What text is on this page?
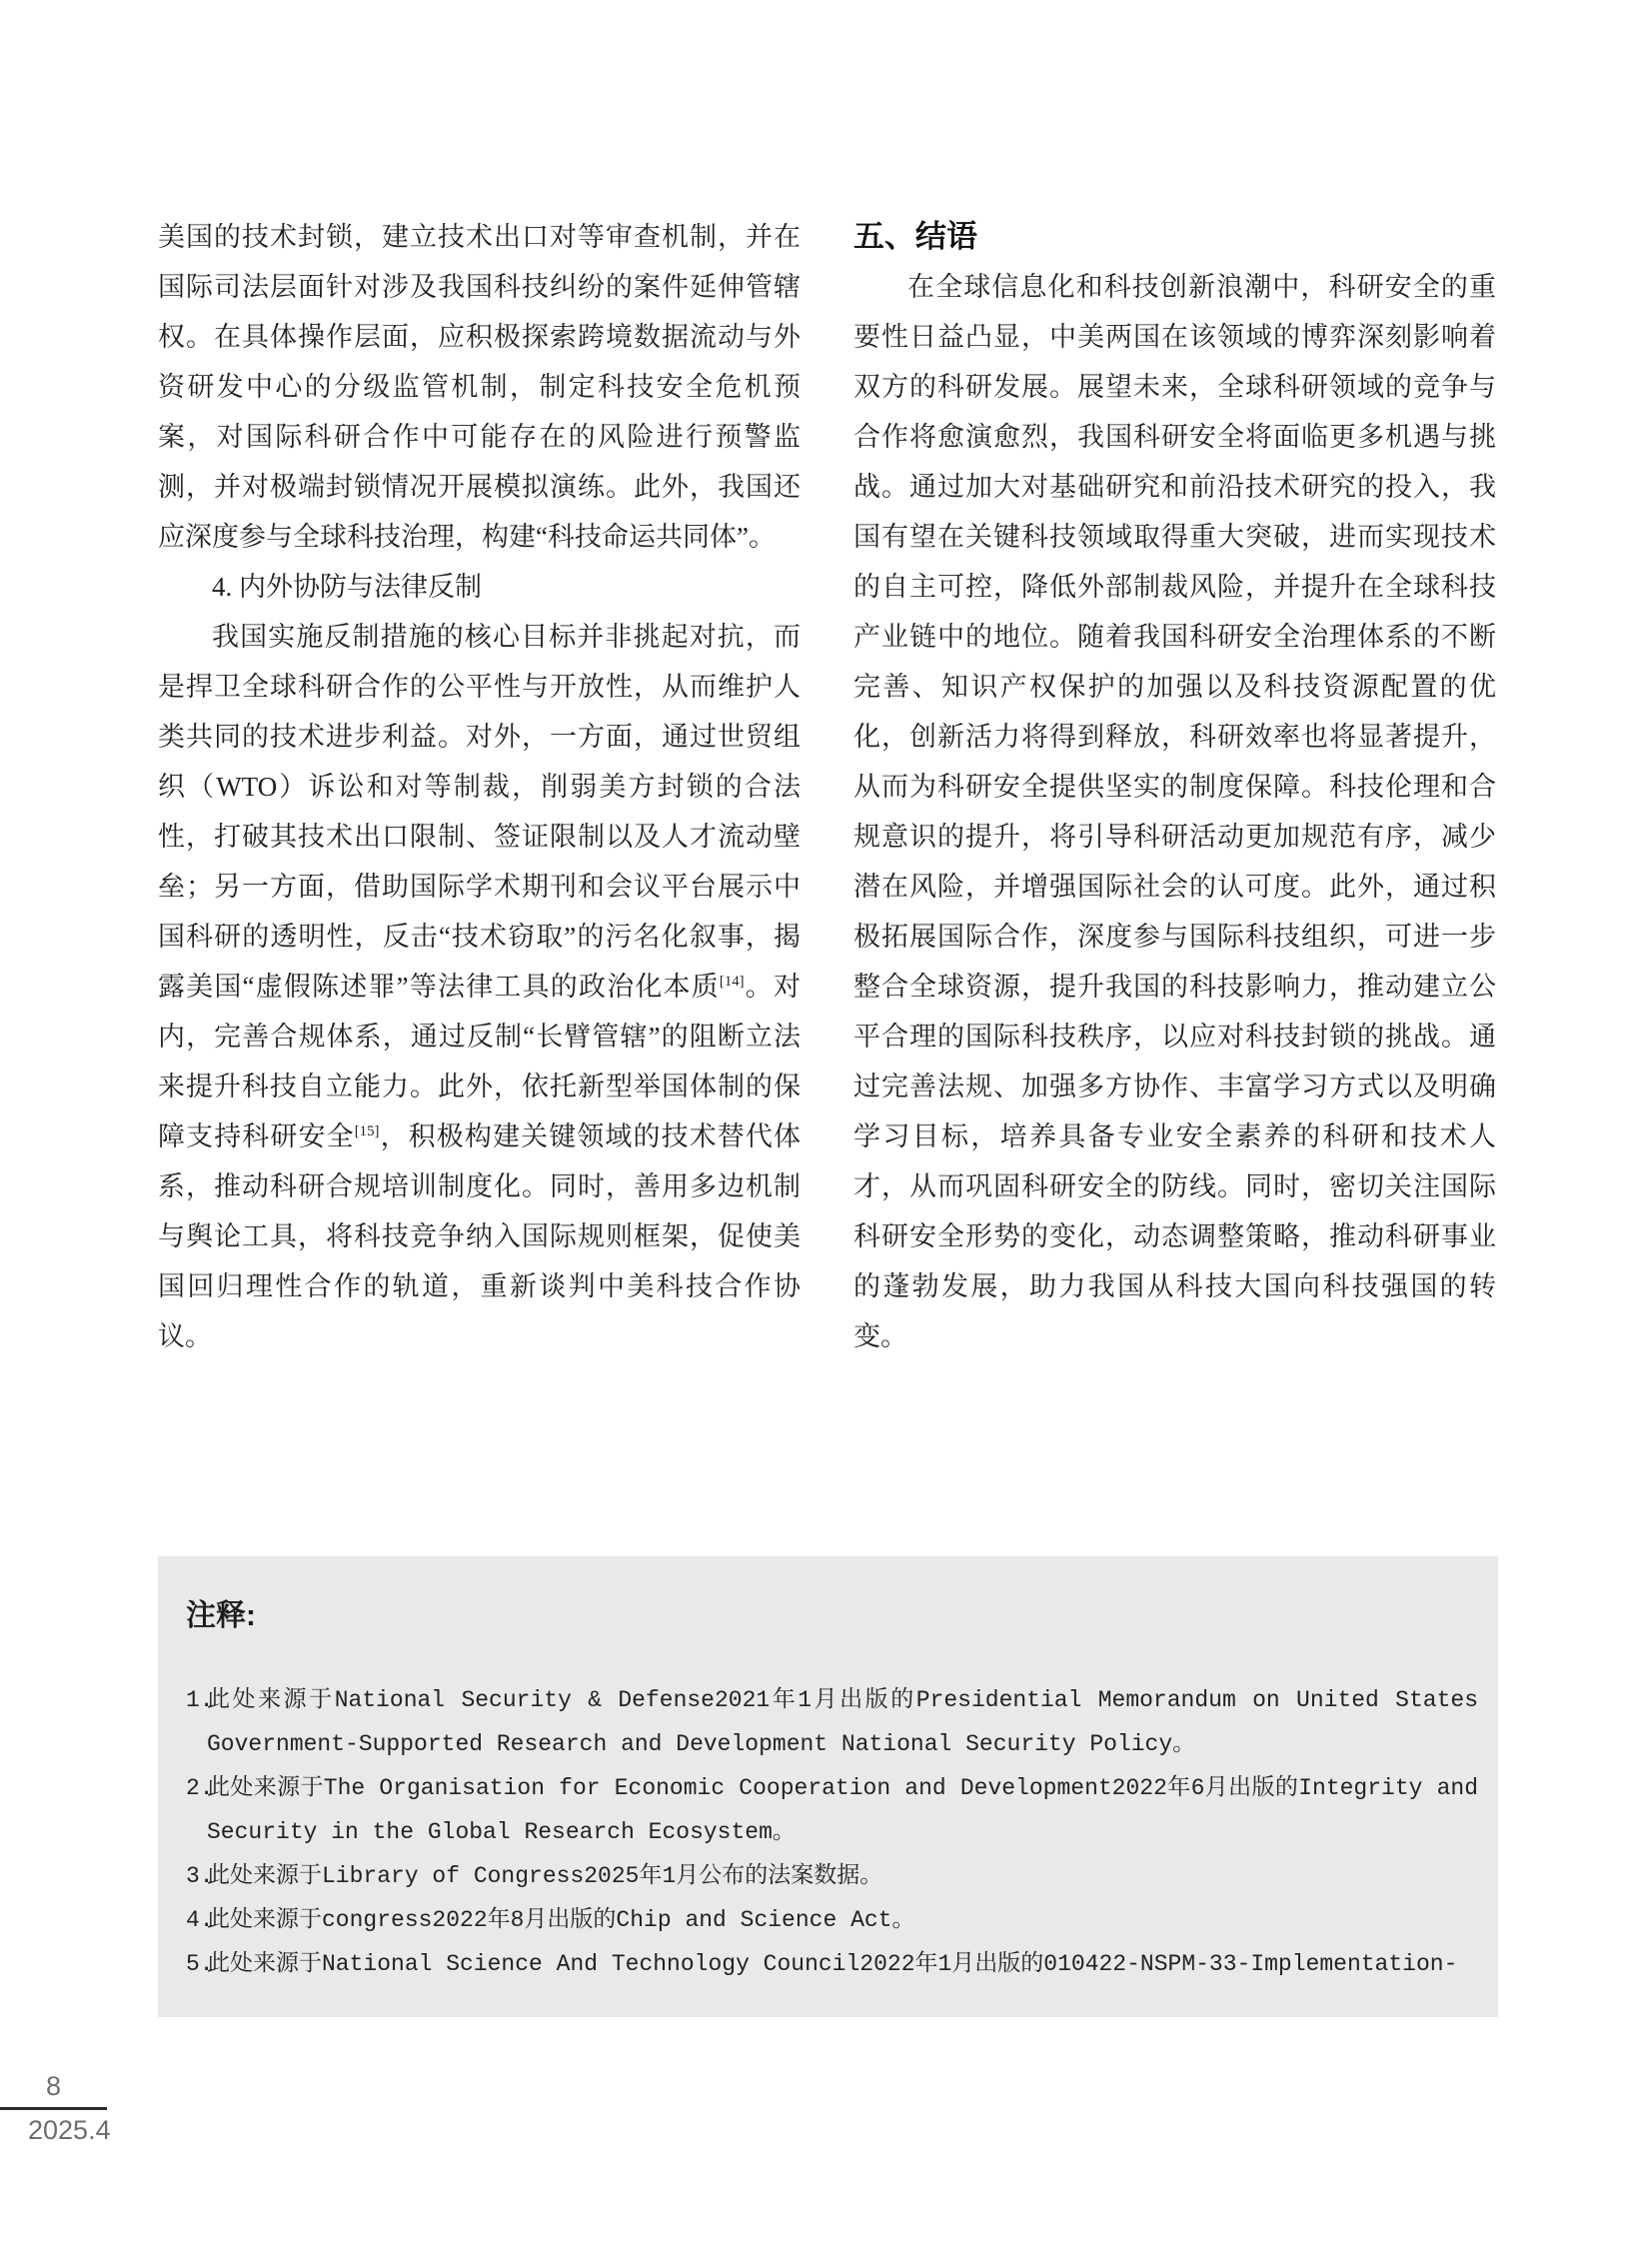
美国的技术封锁，建立技术出口对等审查机制，并在国际司法层面针对涉及我国科技纠纷的案件延伸管辖权。在具体操作层面，应积极探索跨境数据流动与外资研发中心的分级监管机制，制定科技安全危机预案，对国际科研合作中可能存在的风险进行预警监测，并对极端封锁情况开展模拟演练。此外，我国还应深度参与全球科技治理，构建“科技命运共同体”。

4. 内外协防与法律反制

我国实施反制措施的核心目标并非挑起对抗，而是捍卫全球科研合作的公平性与开放性，从而维护人类共同的技术进步利益。对外，一方面，通过世贸组织（WTO）诉讼和对等制裁，削弱美方封锁的合法性，打破其技术出口限制、签证限制以及人才流动壁垒；另一方面，借助国际学术期刊和会议平台展示中国科研的透明性，反击“技术窃取”的污名化叙事，揭露美国“虚假陈述罪”等法律工具的政治化本质[14]。对内，完善合规体系，通过反制“长臂管辖”的阻断立法来提升科技自立能力。此外，依托新型举国体制的保障支持科研安全[15]，积极构建关键领域的技术替代体系，推动科研合规培训制度化。同时，善用多边机制与舆论工具，将科技竞争纳入国际规则框架，促使美国回归理性合作的轨道，重新谈判中美科技合作协议。

五、结语

在全球信息化和科技创新浪潮中，科研安全的重要性日益凸显，中美两国在该领域的博弈深刻影响着双方的科研发展。展望未来，全球科研领域的竞争与合作将愈演愈烈，我国科研安全将面临更多机遇与挑战。通过加大对基础研究和前沿技术研究的投入，我国有望在关键科技领域取得重大突破，进而实现技术的自主可控，降低外部制裁风险，并提升在全球科技产业链中的地位。随着我国科研安全治理体系的不断完善、知识产权保护的加强以及科技资源配置的优化，创新活力将得到释放，科研效率也将显著提升，从而为科研安全提供坚实的制度保障。科技伦理和合规意识的提升，将引导科研活动更加规范有序，减少潜在风险，并增强国际社会的认可度。此外，通过积极拓展国际合作，深度参与国际科技组织，可进一步整合全球资源，提升我国的科技影响力，推动建立公平合理的国际科技秩序，以应对科技封锁的挑战。通过完善法规、加强多方协作、丰富学习方式以及明确学习目标，培养具备专业安全素养的科研和技术人才，从而巩固科研安全的防线。同时，密切关注国际科研安全形势的变化，动态调整策略，推动科研事业的蓬勃发展，助力我国从科技大国向科技强国的转变。

注释:
1.
此处来源于National Security & Defense2021年1月出版的Presidential Memorandum on United States Government-Supported Research and Development National Security Policy。
2.
此处来源于The Organisation for Economic Cooperation and Development2022年6月出版的Integrity and Security in the Global Research Ecosystem。
3.
此处来源于Library of Congress2025年1月公布的法案数据。
4.
此处来源于congress2022年8月出版的Chip and Science Act。
5.
此处来源于National Science And Technology Council2022年1月出版的010422-NSPM-33-Implementation-
8
2025.4
